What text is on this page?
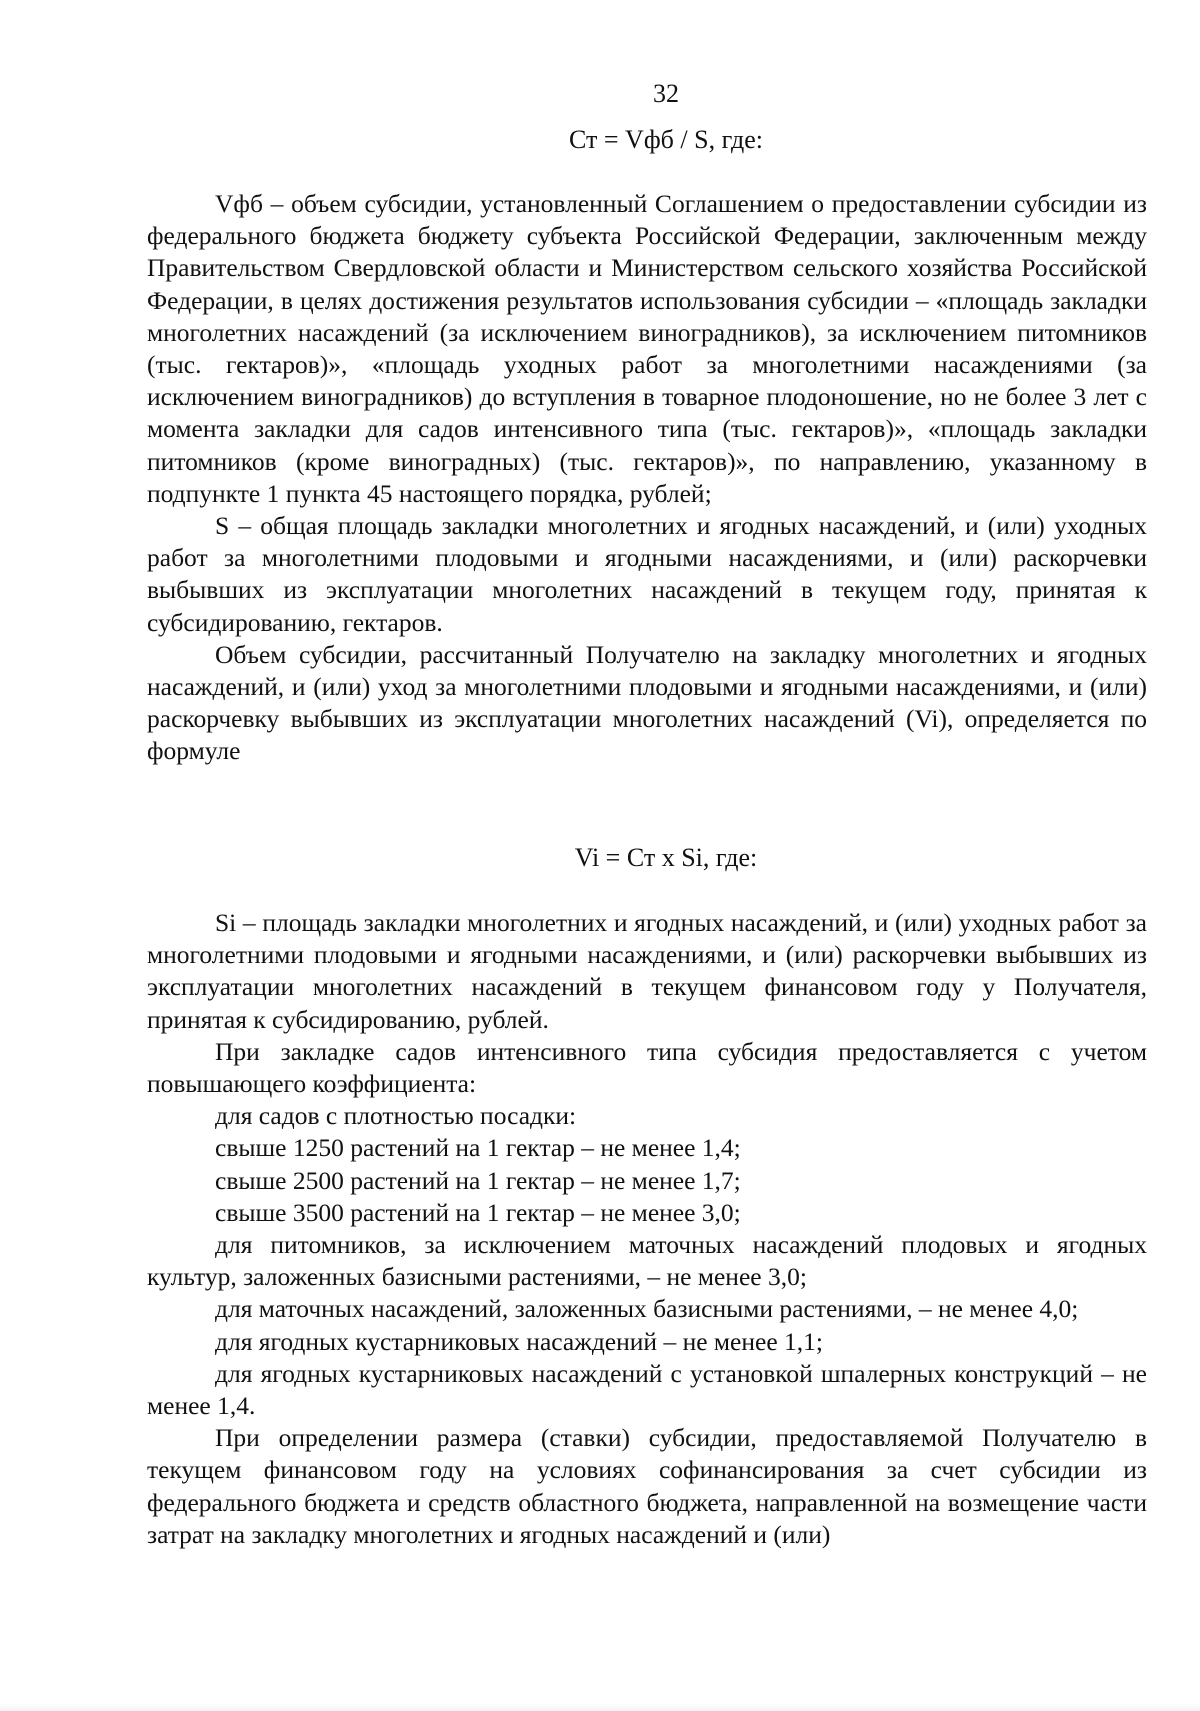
32
Ст = Vфб / S, где:

Vфб – объем субсидии, установленный Соглашением о предоставлении субсидии из федерального бюджета бюджету субъекта Российской Федерации, заключенным между Правительством Свердловской области и Министерством сельского хозяйства Российской Федерации, в целях достижения результатов использования субсидии – «площадь закладки многолетних насаждений (за исключением виноградников), за исключением питомников (тыс. гектаров)», «площадь уходных работ за многолетними насаждениями (за исключением виноградников) до вступления в товарное плодоношение, но не более 3 лет с момента закладки для садов интенсивного типа (тыс. гектаров)», «площадь закладки питомников (кроме виноградных) (тыс. гектаров)», по направлению, указанному в подпункте 1 пункта 45 настоящего порядка, рублей;

S – общая площадь закладки многолетних и ягодных насаждений, и (или) уходных работ за многолетними плодовыми и ягодными насаждениями, и (или) раскорчевки выбывших из эксплуатации многолетних насаждений в текущем году, принятая к субсидированию, гектаров.

Объем субсидии, рассчитанный Получателю на закладку многолетних и ягодных насаждений, и (или) уход за многолетними плодовыми и ягодными насаждениями, и (или) раскорчевку выбывших из эксплуатации многолетних насаждений (Vi), определяется по формуле

Vi = Ст x Si, где:

Si – площадь закладки многолетних и ягодных насаждений, и (или) уходных работ за многолетними плодовыми и ягодными насаждениями, и (или) раскорчевки выбывших из эксплуатации многолетних насаждений в текущем финансовом году у Получателя, принятая к субсидированию, рублей.

При закладке садов интенсивного типа субсидия предоставляется с учетом повышающего коэффициента:

для садов с плотностью посадки:

свыше 1250 растений на 1 гектар – не менее 1,4;

свыше 2500 растений на 1 гектар – не менее 1,7;

свыше 3500 растений на 1 гектар – не менее 3,0;

для питомников, за исключением маточных насаждений плодовых и ягодных культур, заложенных базисными растениями, – не менее 3,0;

для маточных насаждений, заложенных базисными растениями, – не менее 4,0;

для ягодных кустарниковых насаждений – не менее 1,1;

для ягодных кустарниковых насаждений с установкой шпалерных конструкций – не менее 1,4.

При определении размера (ставки) субсидии, предоставляемой Получателю в текущем финансовом году на условиях софинансирования за счет субсидии из федерального бюджета и средств областного бюджета, направленной на возмещение части затрат на закладку многолетних и ягодных насаждений и (или)
